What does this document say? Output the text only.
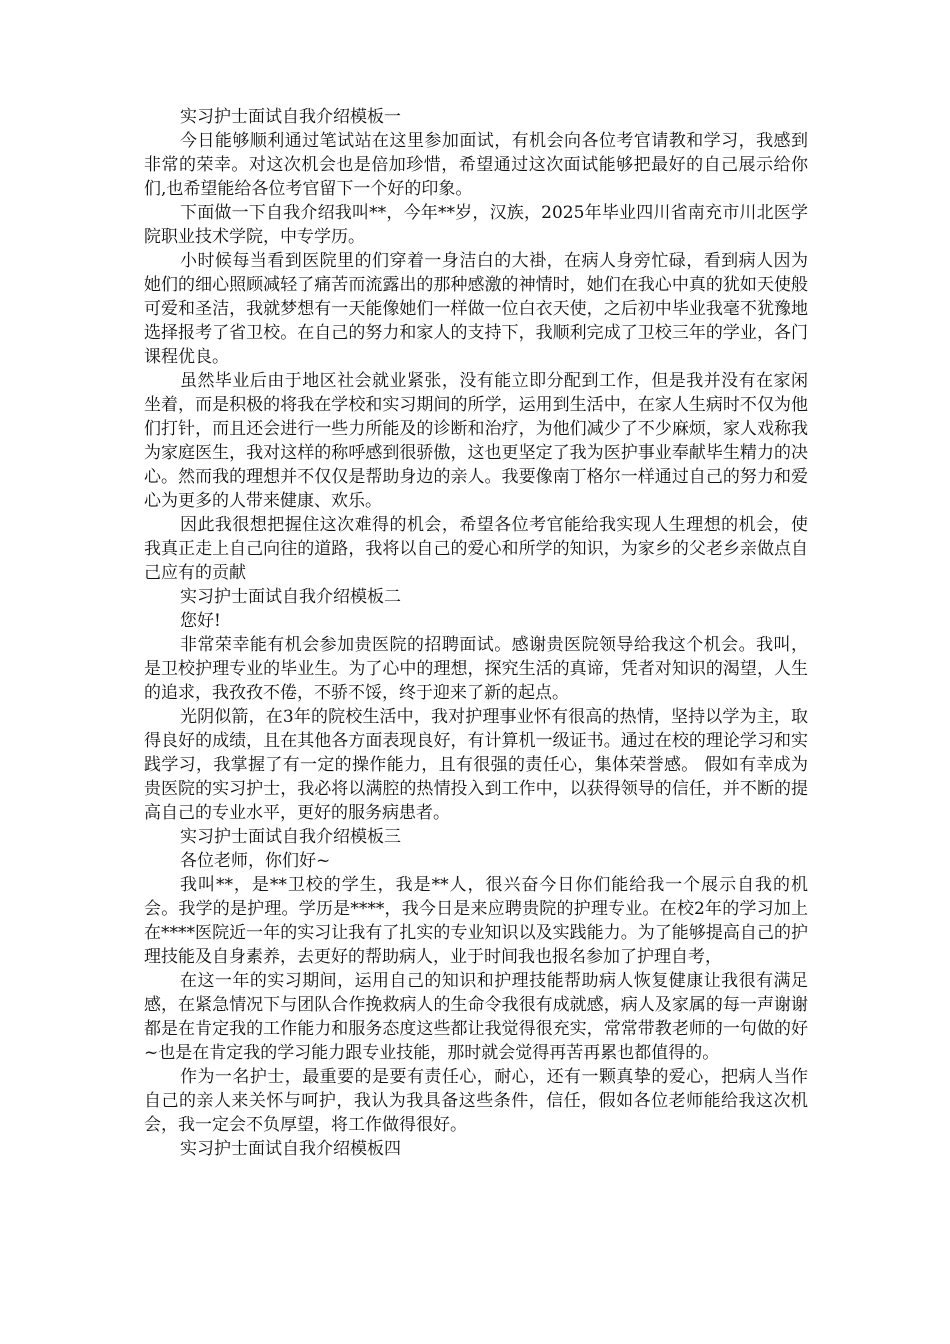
实习护士面试自我介绍模板一

今日能够顺利通过笔试站在这里参加面试，有机会向各位考官请教和学习，我感到非常的荣幸。对这次机会也是倍加珍惜，希望通过这次面试能够把最好的自己展示给你们,也希望能给各位考官留下一个好的印象。

下面做一下自我介绍我叫**，今年**岁，汉族，2025年毕业四川省南充市川北医学院职业技术学院，中专学历。

小时候每当看到医院里的们穿着一身洁白的大褂，在病人身旁忙碌，看到病人因为她们的细心照顾减轻了痛苦而流露出的那种感激的神情时，她们在我心中真的犹如天使般可爱和圣洁，我就梦想有一天能像她们一样做一位白衣天使，之后初中毕业我毫不犹豫地选择报考了省卫校。在自己的努力和家人的支持下，我顺利完成了卫校三年的学业，各门课程优良。

虽然毕业后由于地区社会就业紧张，没有能立即分配到工作，但是我并没有在家闲坐着，而是积极的将我在学校和实习期间的所学，运用到生活中，在家人生病时不仅为他们打针，而且还会进行一些力所能及的诊断和治疗，为他们减少了不少麻烦，家人戏称我为家庭医生，我对这样的称呼感到很骄傲，这也更坚定了我为医护事业奉献毕生精力的决心。然而我的理想并不仅仅是帮助身边的亲人。我要像南丁格尔一样通过自己的努力和爱心为更多的人带来健康、欢乐。

因此我很想把握住这次难得的机会，希望各位考官能给我实现人生理想的机会，使我真正走上自己向往的道路，我将以自己的爱心和所学的知识，为家乡的父老乡亲做点自己应有的贡献

实习护士面试自我介绍模板二

您好!

非常荣幸能有机会参加贵医院的招聘面试。感谢贵医院领导给我这个机会。我叫，是卫校护理专业的毕业生。为了心中的理想，探究生活的真谛，凭者对知识的渴望，人生的追求，我孜孜不倦，不骄不馁，终于迎来了新的起点。

光阴似箭，在3年的院校生活中，我对护理事业怀有很高的热情，坚持以学为主，取得良好的成绩，且在其他各方面表现良好，有计算机一级证书。通过在校的理论学习和实践学习，我掌握了有一定的操作能力，且有很强的责任心，集体荣誉感。 假如有幸成为贵医院的实习护士，我必将以满腔的热情投入到工作中，以获得领导的信任，并不断的提高自己的专业水平，更好的服务病患者。

实习护士面试自我介绍模板三

各位老师，你们好~

我叫**，是**卫校的学生，我是**人，很兴奋今日你们能给我一个展示自我的机会。我学的是护理。学历是****，我今日是来应聘贵院的护理专业。在校2年的学习加上在****医院近一年的实习让我有了扎实的专业知识以及实践能力。为了能够提高自己的护理技能及自身素养，去更好的帮助病人，业于时间我也报名参加了护理自考，

在这一年的实习期间，运用自己的知识和护理技能帮助病人恢复健康让我很有满足感，在紧急情况下与团队合作挽救病人的生命令我很有成就感，病人及家属的每一声谢谢都是在肯定我的工作能力和服务态度这些都让我觉得很充实，常常带教老师的一句做的好~也是在肯定我的学习能力跟专业技能，那时就会觉得再苦再累也都值得的。

作为一名护士，最重要的是要有责任心，耐心，还有一颗真挚的爱心，把病人当作自己的亲人来关怀与呵护，我认为我具备这些条件，信任，假如各位老师能给我这次机会，我一定会不负厚望，将工作做得很好。

实习护士面试自我介绍模板四
